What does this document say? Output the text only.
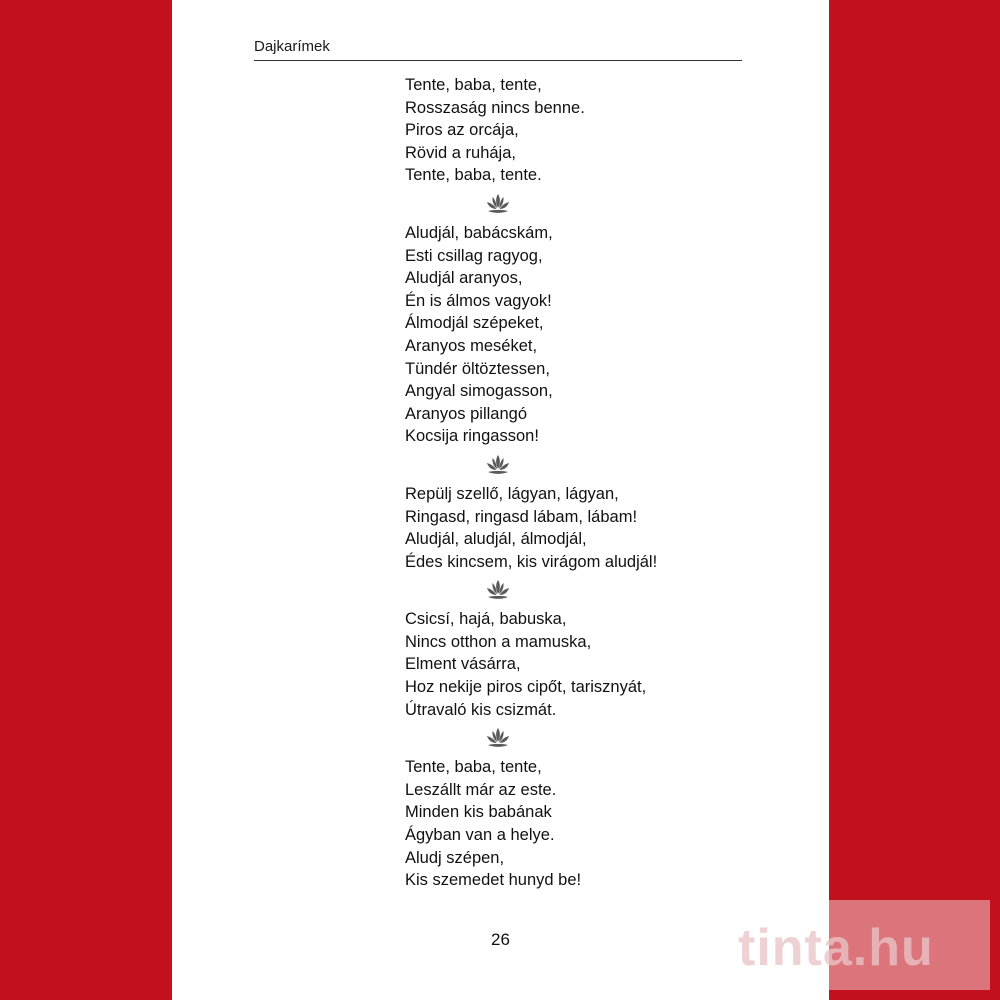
Dajkarímek
Tente, baba, tente,
Rosszaság nincs benne.
Piros az orcája,
Rövid a ruhája,
Tente, baba, tente.
Aludjál, babácskám,
Esti csillag ragyog,
Aludjál aranyos,
Én is álmos vagyok!
Álmodjál szépeket,
Aranyos meséket,
Tündér öltöztessen,
Angyal simogasson,
Aranyos pillangó
Kocsija ringasson!
Repülj szellő, lágyan, lágyan,
Ringasd, ringasd lábam, lábam!
Aludjál, aludjál, álmodjál,
Édes kincsem, kis virágom aludjál!
Csicsí, hajá, babuska,
Nincs otthon a mamuska,
Elment vásárra,
Hoz nekije piros cipőt, tarisznyát,
Útravaló kis csizmát.
Tente, baba, tente,
Leszállt már az este.
Minden kis babának
Ágyban van a helye.
Aludj szépen,
Kis szemedet hunyd be!
26	tinta.hu
